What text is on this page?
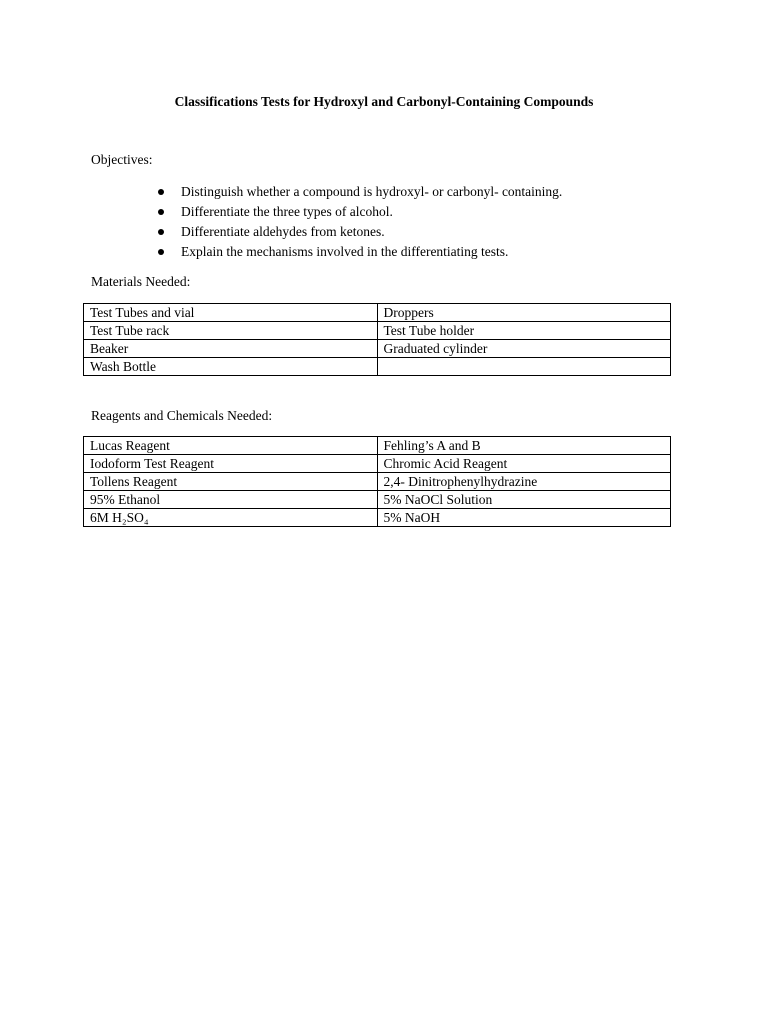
Classifications Tests for Hydroxyl and Carbonyl-Containing Compounds
Objectives:
Distinguish whether a compound is hydroxyl- or carbonyl- containing.
Differentiate the three types of alcohol.
Differentiate aldehydes from ketones.
Explain the mechanisms involved in the differentiating tests.
Materials Needed:
Test Tubes and vial	Droppers
Test Tube rack	Test Tube holder
Beaker	Graduated cylinder
Wash Bottle	
Reagents and Chemicals Needed:
Lucas Reagent	Fehling’s A and B
Iodoform Test Reagent	Chromic Acid Reagent
Tollens Reagent	2,4- Dinitrophenylhydrazine
95% Ethanol	5% NaOCl Solution
6M H₂SO₄	5% NaOH
